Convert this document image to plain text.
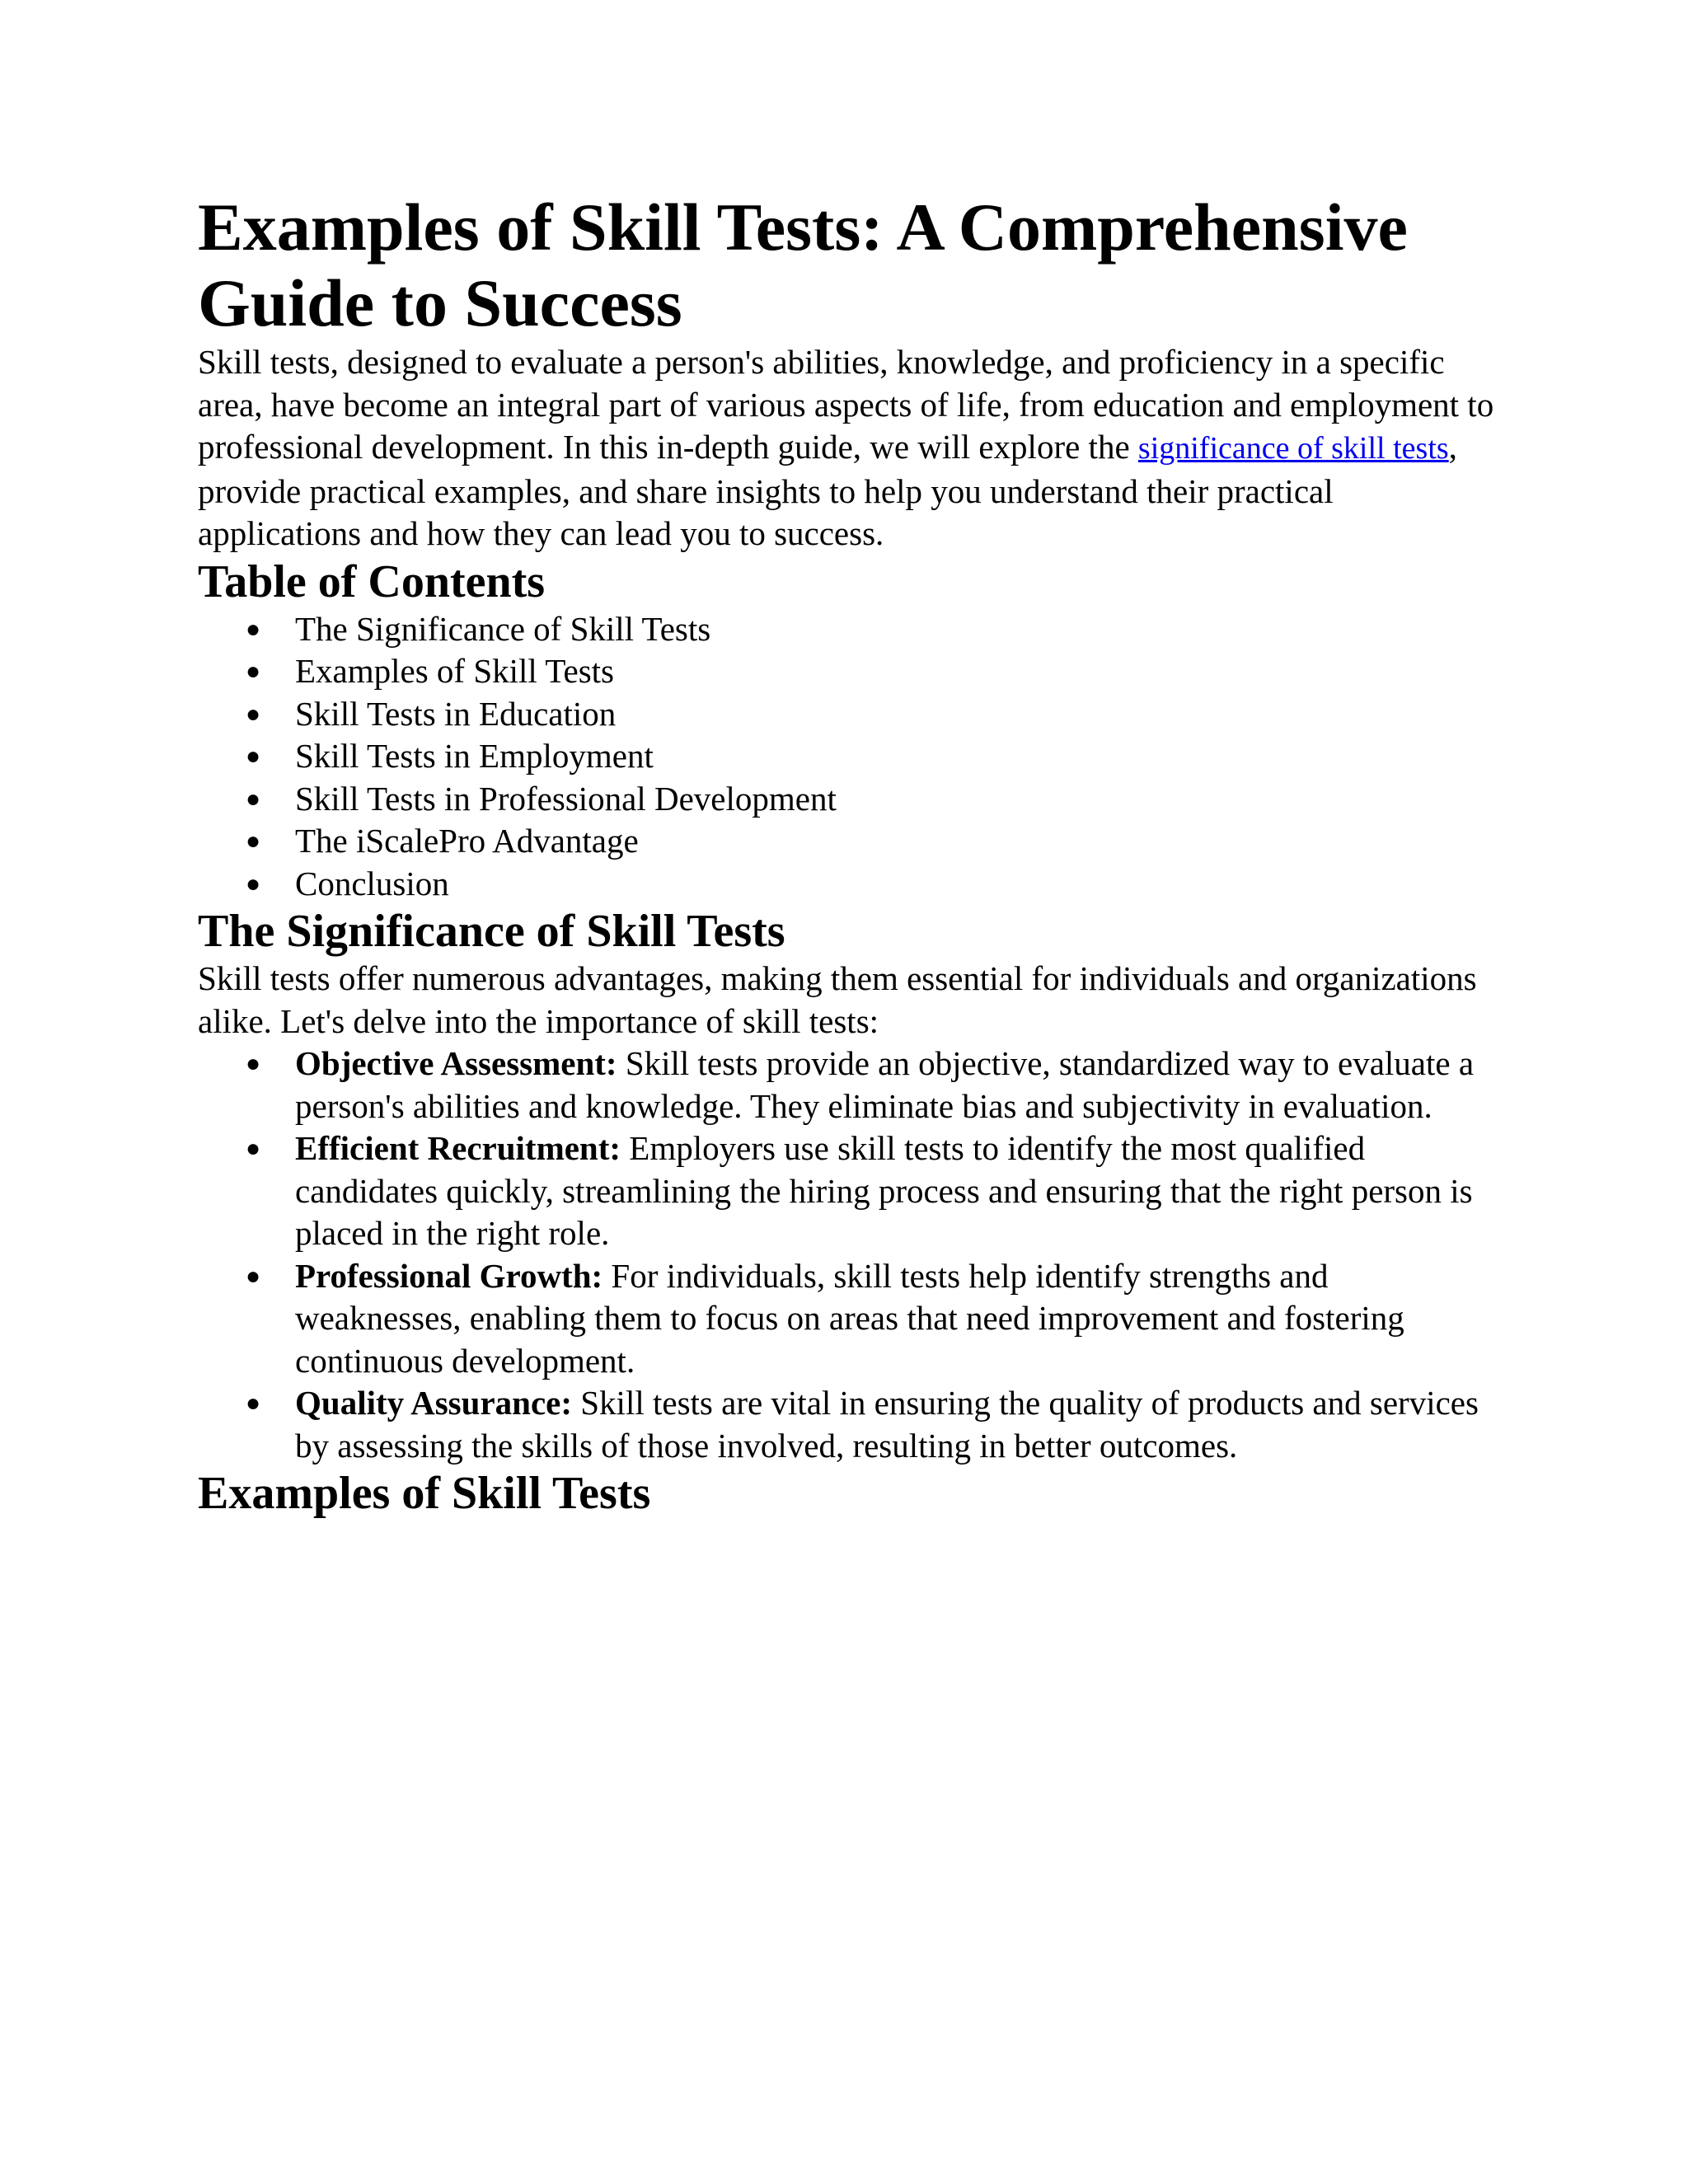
Examples of Skill Tests: A Comprehensive Guide to Success

Skill tests, designed to evaluate a person's abilities, knowledge, and proficiency in a specific area, have become an integral part of various aspects of life, from education and employment to professional development. In this in-depth guide, we will explore the significance of skill tests, provide practical examples, and share insights to help you understand their practical applications and how they can lead you to success.

Table of Contents
● The Significance of Skill Tests
● Examples of Skill Tests
● Skill Tests in Education
● Skill Tests in Employment
● Skill Tests in Professional Development
● The iScalePro Advantage
● Conclusion
The Significance of Skill Tests

Skill tests offer numerous advantages, making them essential for individuals and organizations alike. Let's delve into the importance of skill tests:

● Objective Assessment: Skill tests provide an objective, standardized way to evaluate a person's abilities and knowledge. They eliminate bias and subjectivity in evaluation.
● Efficient Recruitment: Employers use skill tests to identify the most qualified candidates quickly, streamlining the hiring process and ensuring that the right person is placed in the right role.
● Professional Growth: For individuals, skill tests help identify strengths and weaknesses, enabling them to focus on areas that need improvement and fostering continuous development.
● Quality Assurance: Skill tests are vital in ensuring the quality of products and services by assessing the skills of those involved, resulting in better outcomes.
Examples of Skill Tests
